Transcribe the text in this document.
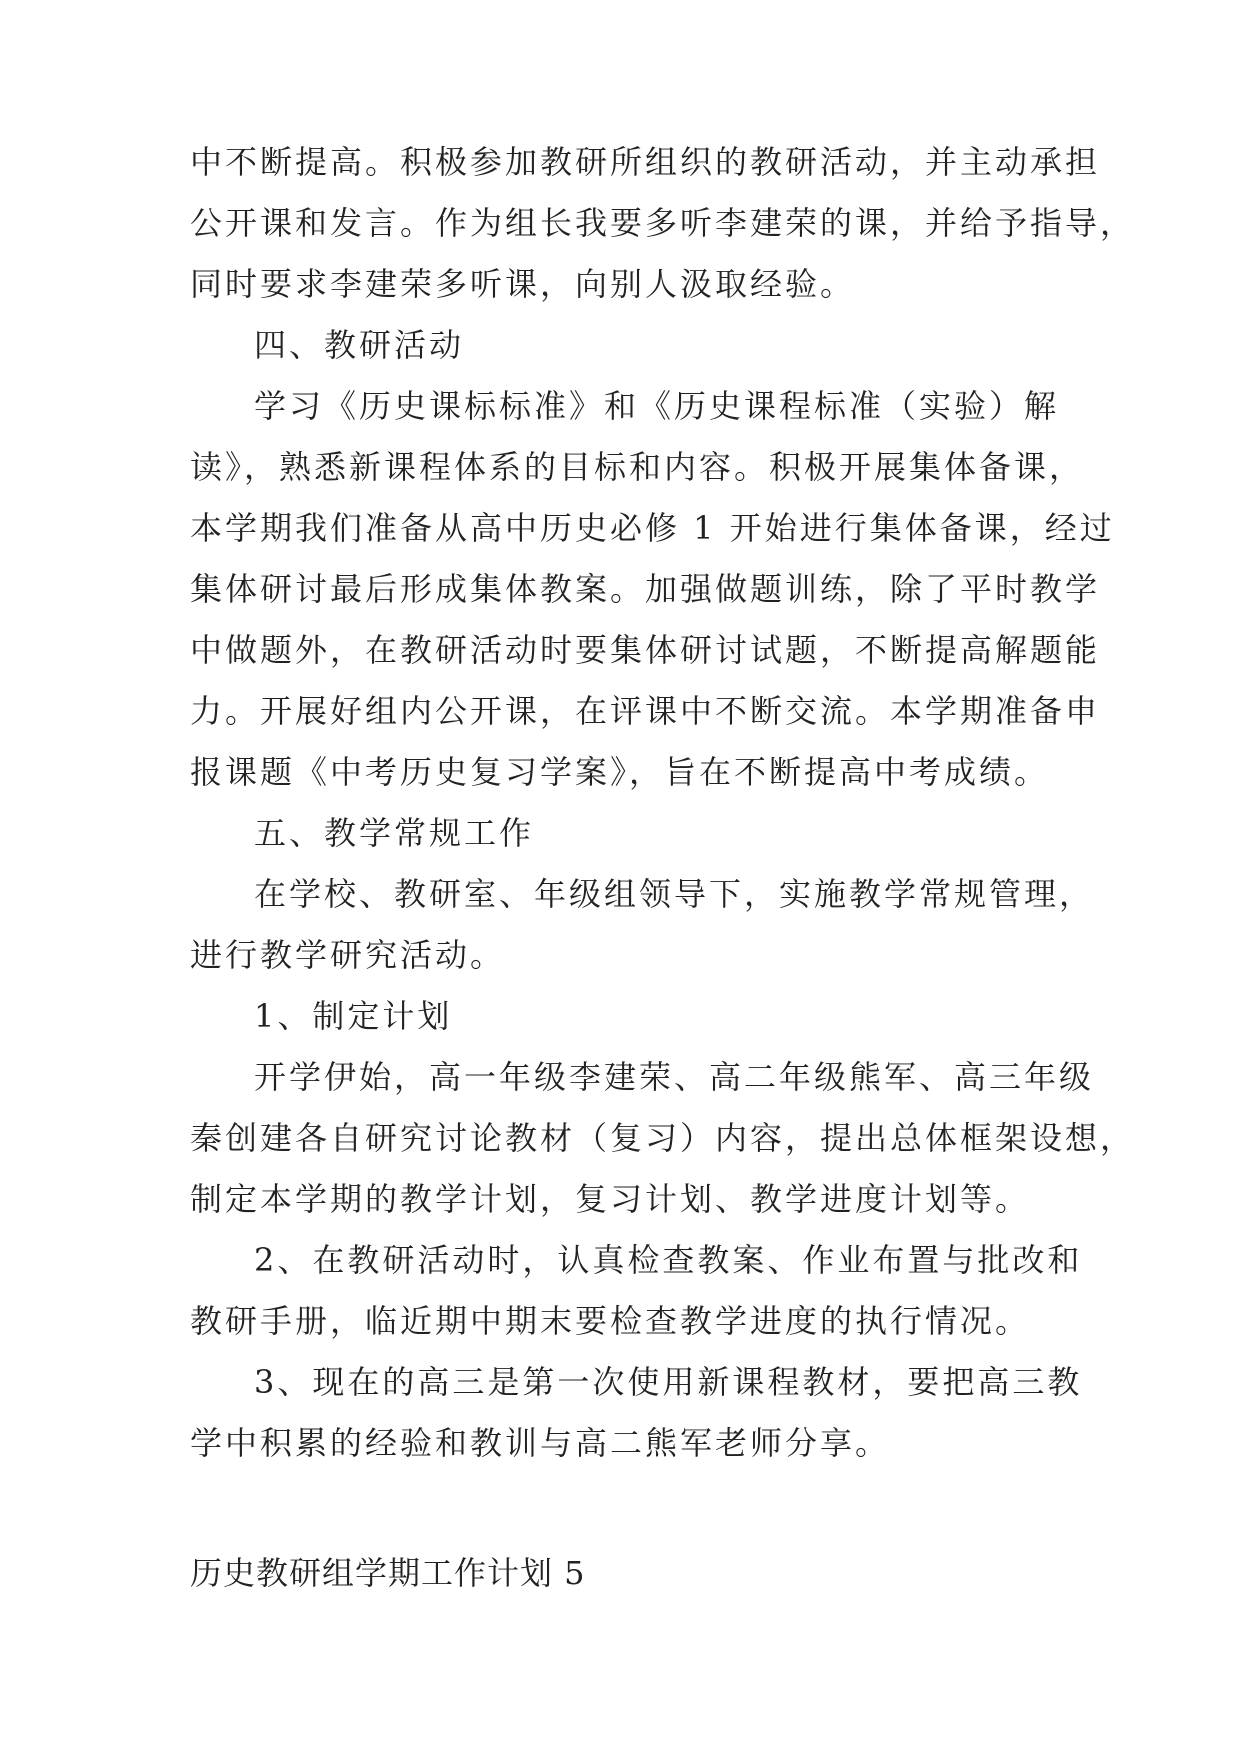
中不断提高。积极参加教研所组织的教研活动，并主动承担
公开课和发言。作为组长我要多听李建荣的课，并给予指导，
同时要求李建荣多听课，向别人汲取经验。
四、教研活动
学习《历史课标标准》和《历史课程标准（实验）解
读》，熟悉新课程体系的目标和内容。积极开展集体备课，
本学期我们准备从高中历史必修 1 开始进行集体备课，经过
集体研讨最后形成集体教案。加强做题训练，除了平时教学
中做题外，在教研活动时要集体研讨试题，不断提高解题能
力。开展好组内公开课，在评课中不断交流。本学期准备申
报课题《中考历史复习学案》，旨在不断提高中考成绩。
五、教学常规工作
在学校、教研室、年级组领导下，实施教学常规管理，
进行教学研究活动。
1、制定计划
开学伊始，高一年级李建荣、高二年级熊军、高三年级
秦创建各自研究讨论教材（复习）内容，提出总体框架设想，
制定本学期的教学计划，复习计划、教学进度计划等。
2、在教研活动时，认真检查教案、作业布置与批改和
教研手册，临近期中期末要检查教学进度的执行情况。
3、现在的高三是第一次使用新课程教材，要把高三教
学中积累的经验和教训与高二熊军老师分享。
历史教研组学期工作计划 5
